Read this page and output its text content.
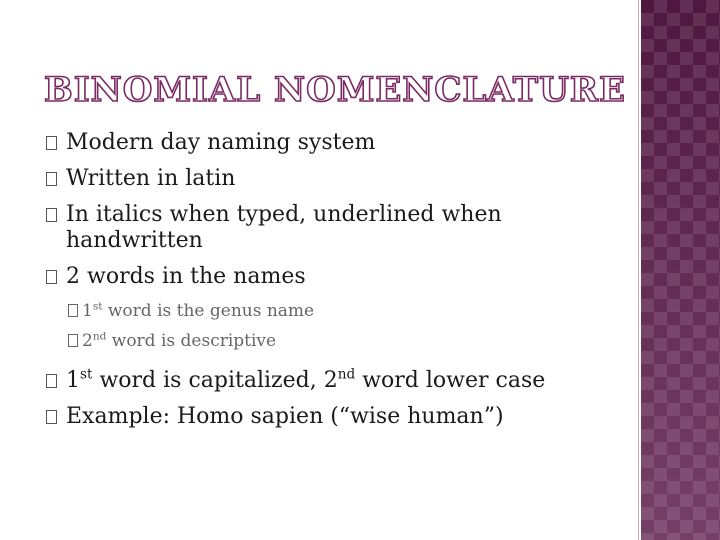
BINOMIAL NOMENCLATURE
Modern day naming system
Written in latin
In italics when typed, underlined when handwritten
2 words in the names
1st word is the genus name
2nd word is descriptive
1st word is capitalized, 2nd word lower case
Example: Homo sapien (“wise human”)
